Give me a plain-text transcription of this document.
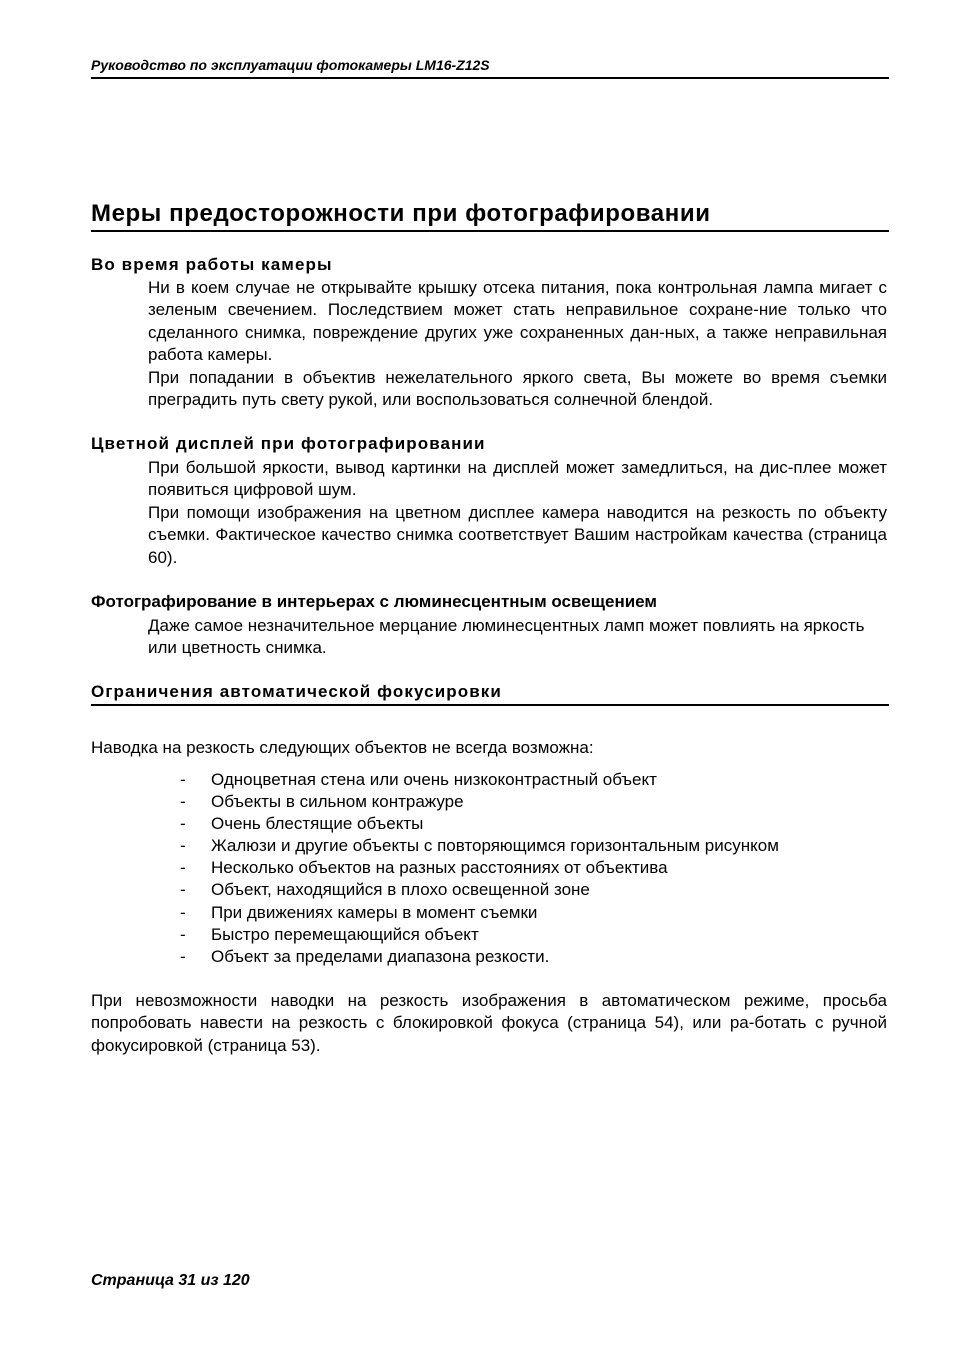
Руководство по эксплуатации фотокамеры LM16-Z12S
Меры предосторожности при фотографировании
Во время работы камеры

Ни в коем случае не открывайте крышку отсека питания, пока контрольная лампа мигает с зеленым свечением. Последствием может стать неправильное сохране-ние только что сделанного снимка, повреждение других уже сохраненных дан-ных, а также неправильная работа камеры.

При попадании в объектив нежелательного яркого света, Вы можете во время съемки преградить путь свету рукой, или воспользоваться солнечной блендой.

Цветной дисплей при фотографировании

При большой яркости, вывод картинки на дисплей может замедлиться, на дис-плее может появиться цифровой шум.

При помощи изображения на цветном дисплее камера наводится на резкость по объекту съемки. Фактическое качество снимка соответствует Вашим настройкам качества (страница 60).

Фотографирование в интерьерах с люминесцентным освещением

Даже самое незначительное мерцание люминесцентных ламп может повлиять на яркость или цветность снимка.

Ограничения автоматической фокусировки

Наводка на резкость следующих объектов не всегда возможна:

- Одноцветная стена или очень низкоконтрастный объект
- Объекты в сильном контражуре
- Очень блестящие объекты
- Жалюзи и другие объекты с повторяющимся горизонтальным рисунком
- Несколько объектов на разных расстояниях от объектива
- Объект, находящийся в плохо освещенной зоне
- При движениях камеры в момент съемки
- Быстро перемещающийся объект
- Объект за пределами диапазона резкости.

При невозможности наводки на резкость изображения в автоматическом режиме, просьба попробовать навести на резкость с блокировкой фокуса (страница 54), или ра-ботать с ручной фокусировкой (страница 53).

Страница 31 из 120
